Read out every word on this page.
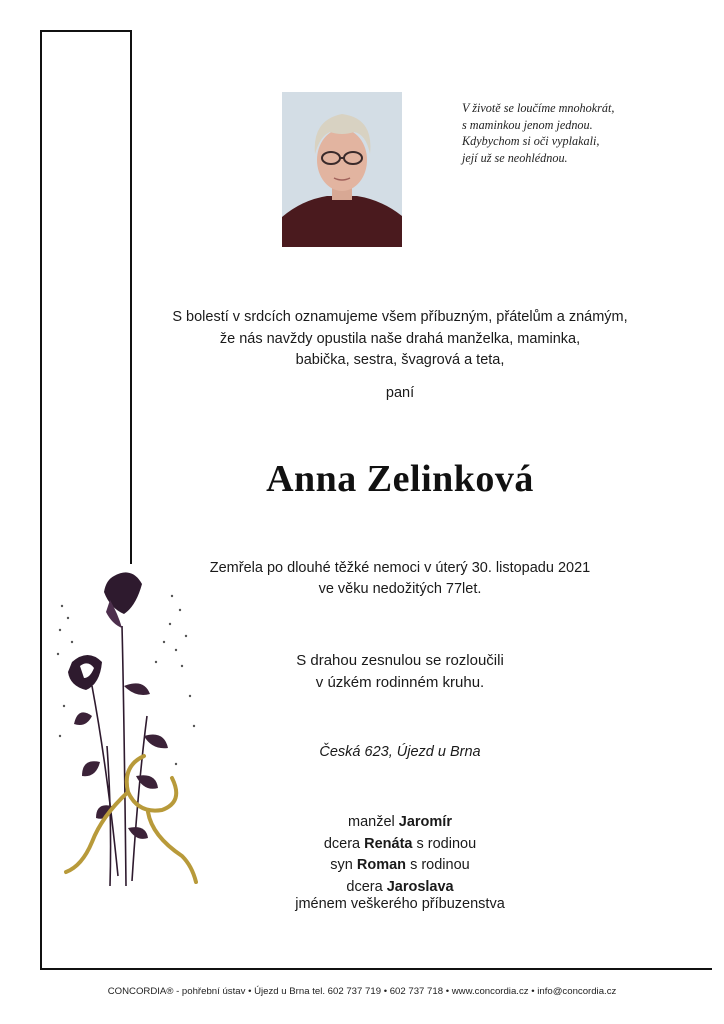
V životě se loučíme mnohokrát,
s maminkou jenom jednou.
Kdybychom si oči vyplakali,
její už se neohlédnou.
S bolestí v srdcích oznamujeme všem příbuzným, přátelům a známým,
že nás navždy opustila naše drahá manželka, maminka,
babička, sestra, švagrová a teta,
paní
Anna Zelinková
Zemřela po dlouhé těžké nemoci v úterý 30. listopadu 2021
ve věku nedožitých 77let.
S drahou zesnulou se rozloučili
v úzkém rodinném kruhu.
Česká 623, Újezd u Brna
manžel Jaromír
dcera Renáta s rodinou
syn Roman s rodinou
dcera Jaroslava
jménem veškerého příbuzenstva
CONCORDIA® - pohřební ústav • Újezd u Brna tel. 602 737 719 • 602 737 718 • www.concordia.cz • info@concordia.cz
